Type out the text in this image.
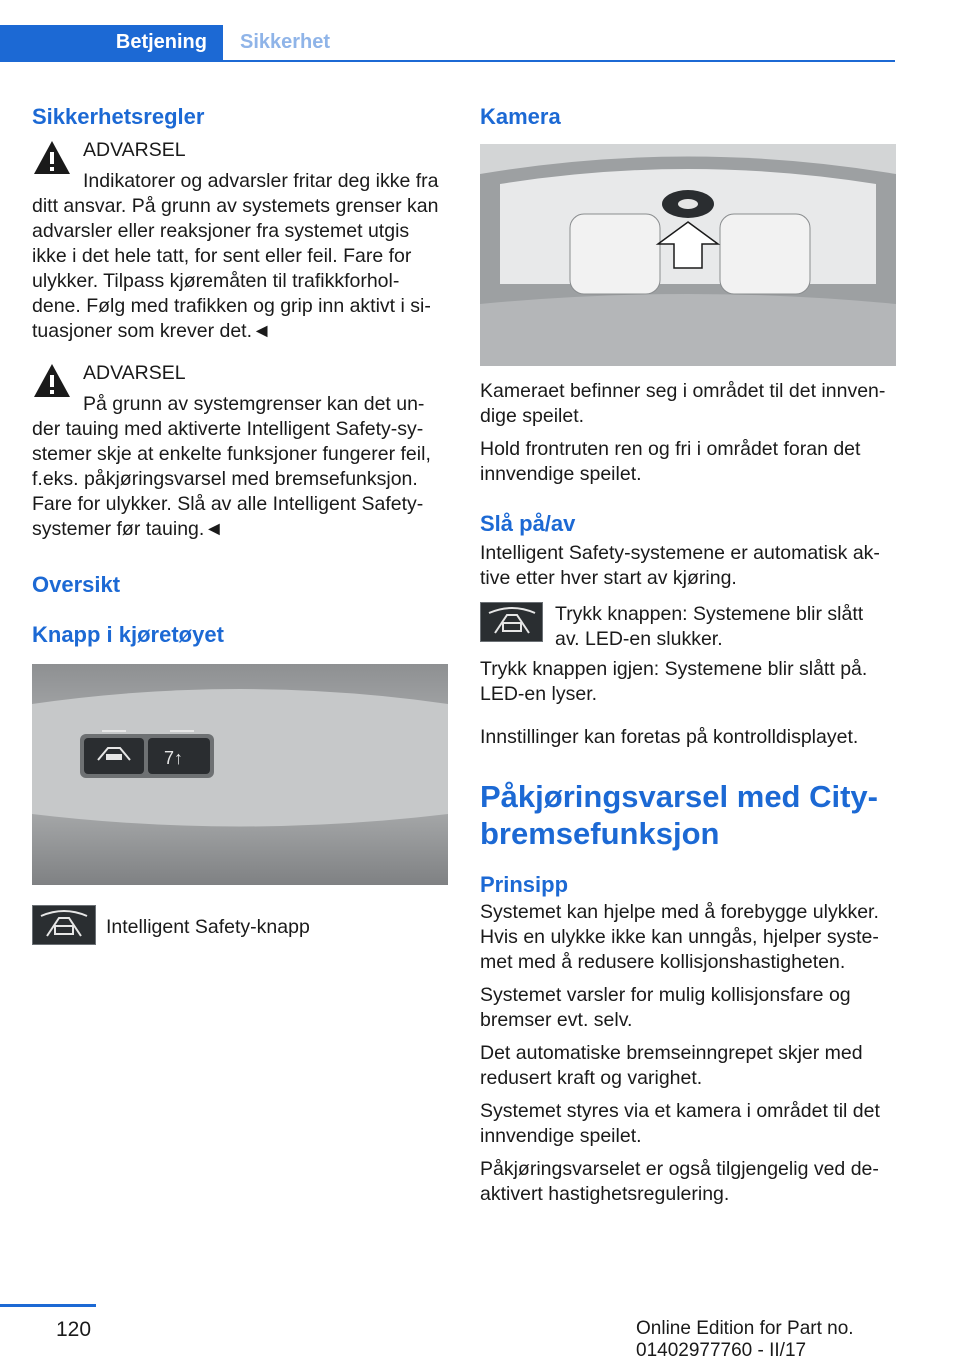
Betjening	Sikkerhet
Sikkerhetsregler

ADVARSEL

Indikatorer og advarsler fritar deg ikke fra

ditt ansvar. På grunn av systemets grenser kan advarsler eller reaksjoner fra systemet utgis ikke i det hele tatt, for sent eller feil. Fare for ulykker. Tilpass kjøremåten til trafikkforhol-dene. Følg med trafikken og grip inn aktivt i si-tuasjoner som krever det.◄

ADVARSEL

På grunn av systemgrenser kan det un-

der tauing med aktiverte Intelligent Safety-sy-stemer skje at enkelte funksjoner fungerer feil, f.eks. påkjøringsvarsel med bremsefunksjon. Fare for ulykker. Slå av alle Intelligent Safety-systemer før tauing.◄

Oversikt
Knapp i kjøretøyet
7↑

Intelligent Safety-knapp

Kamera

Kameraet befinner seg i området til det innven-dige speilet.

Hold frontruten ren og fri i området foran det innvendige speilet.

Slå på/av

Intelligent Safety-systemene er automatisk ak-tive etter hver start av kjøring.

Trykk knappen: Systemene blir slått av. LED-en slukker.

Trykk knappen igjen: Systemene blir slått på. LED-en lyser.

Innstillinger kan foretas på kontrolldisplayet.

Påkjøringsvarsel med City-bremsefunksjon
Prinsipp

Systemet kan hjelpe med å forebygge ulykker. Hvis en ulykke ikke kan unngås, hjelper syste-met med å redusere kollisjonshastigheten.

Systemet varsler for mulig kollisjonsfare og bremser evt. selv.

Det automatiske bremseinngrepet skjer med redusert kraft og varighet.

Systemet styres via et kamera i området til det innvendige speilet.

Påkjøringsvarselet er også tilgjengelig ved de-aktivert hastighetsregulering.

120	Online Edition for Part no. 01402977760 - II/17
